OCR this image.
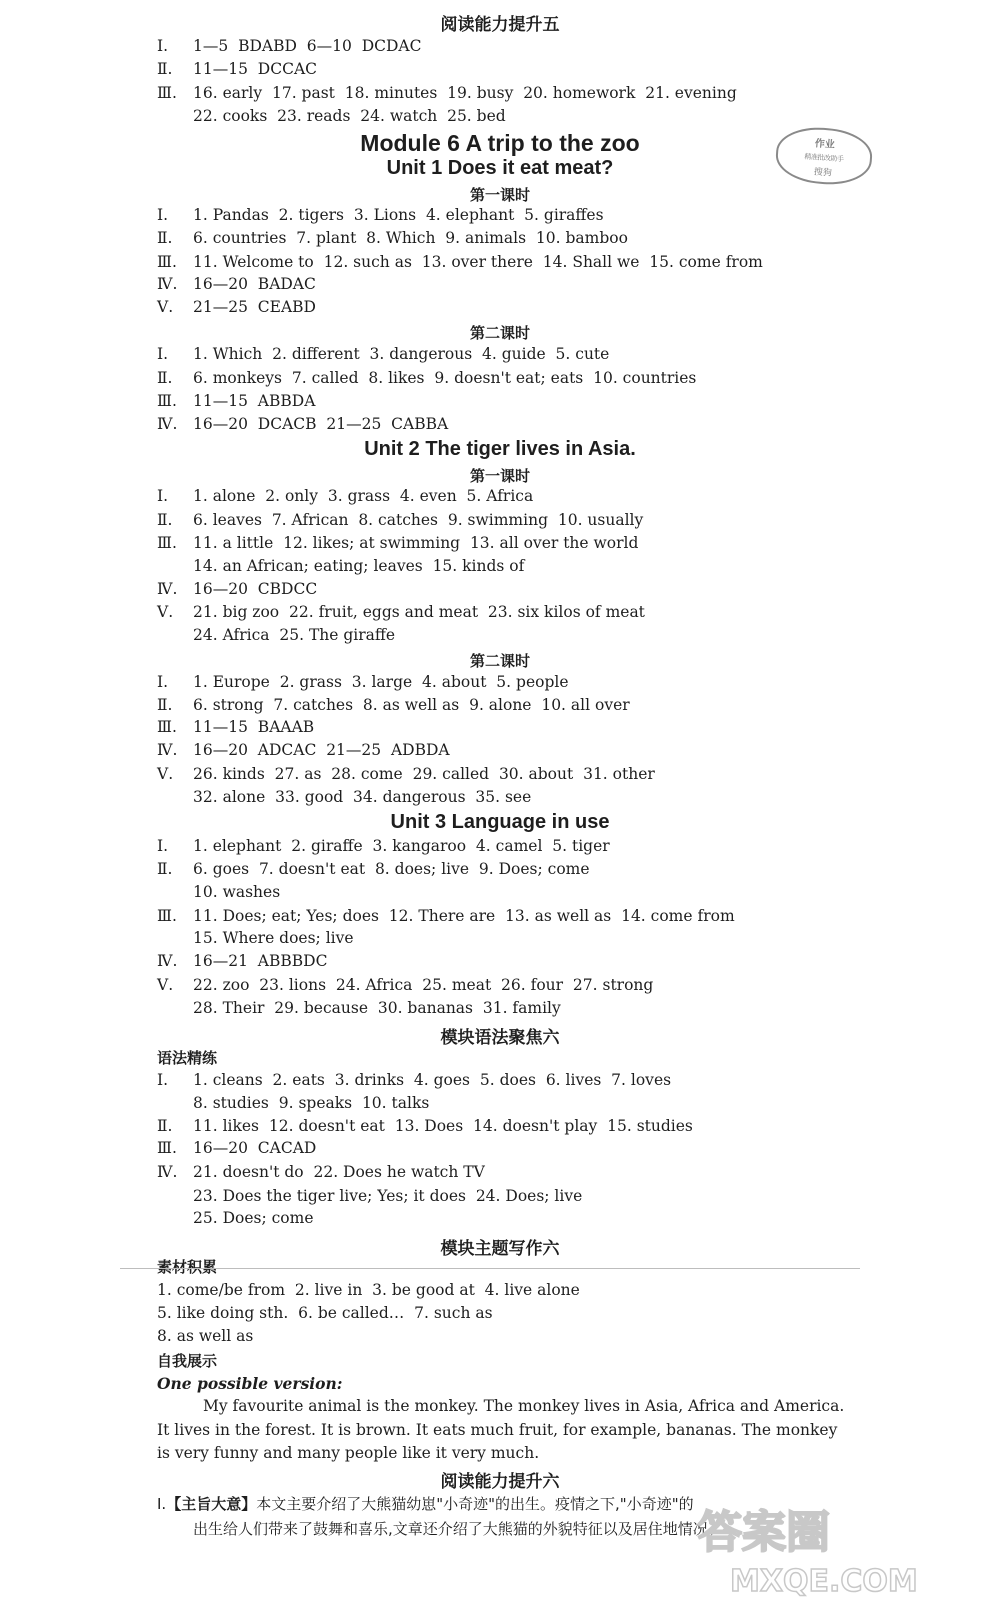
阅读能力提升五
Ⅰ. 1—5  BDABD  6—10  DCDAC
Ⅱ. 11—15  DCCAC
Ⅲ. 16. early  17. past  18. minutes  19. busy  20. homework  21. evening
22. cooks  23. reads  24. watch  25. bed
Module 6 A trip to the zoo	作业
精准批改助手
搜狗
Unit 1 Does it eat meat?
第一课时
Ⅰ. 1. Pandas  2. tigers  3. Lions  4. elephant  5. giraffes
Ⅱ. 6. countries  7. plant  8. Which  9. animals  10. bamboo
Ⅲ. 11. Welcome to  12. such as  13. over there  14. Shall we  15. come from
Ⅳ. 16—20  BADAC
Ⅴ. 21—25  CEABD
第二课时
Ⅰ. 1. Which  2. different  3. dangerous  4. guide  5. cute
Ⅱ. 6. monkeys  7. called  8. likes  9. doesn't eat; eats  10. countries
Ⅲ. 11—15  ABBDA
Ⅳ. 16—20  DCACB  21—25  CABBA
Unit 2 The tiger lives in Asia.
第一课时
Ⅰ. 1. alone  2. only  3. grass  4. even  5. Africa
Ⅱ. 6. leaves  7. African  8. catches  9. swimming  10. usually
Ⅲ. 11. a little  12. likes; at swimming  13. all over the world
14. an African; eating; leaves  15. kinds of
Ⅳ. 16—20  CBDCC
Ⅴ. 21. big zoo  22. fruit, eggs and meat  23. six kilos of meat
24. Africa  25. The giraffe
第二课时
Ⅰ. 1. Europe  2. grass  3. large  4. about  5. people
Ⅱ. 6. strong  7. catches  8. as well as  9. alone  10. all over
Ⅲ. 11—15  BAAAB
Ⅳ. 16—20  ADCAC  21—25  ADBDA
Ⅴ. 26. kinds  27. as  28. come  29. called  30. about  31. other
32. alone  33. good  34. dangerous  35. see
Unit 3 Language in use
Ⅰ. 1. elephant  2. giraffe  3. kangaroo  4. camel  5. tiger
Ⅱ. 6. goes  7. doesn't eat  8. does; live  9. Does; come
10. washes
Ⅲ. 11. Does; eat; Yes; does  12. There are  13. as well as  14. come from
15. Where does; live
Ⅳ. 16—21  ABBBDC
Ⅴ. 22. zoo  23. lions  24. Africa  25. meat  26. four  27. strong
28. Their  29. because  30. bananas  31. family
模块语法聚焦六
语法精练
Ⅰ. 1. cleans  2. eats  3. drinks  4. goes  5. does  6. lives  7. loves
8. studies  9. speaks  10. talks
Ⅱ. 11. likes  12. doesn't eat  13. Does  14. doesn't play  15. studies
Ⅲ. 16—20  CACAD
Ⅳ. 21. doesn't do  22. Does he watch TV
23. Does the tiger live; Yes; it does  24. Does; live
25. Does; come
模块主题写作六
素材积累
1. come/be from  2. live in  3. be good at  4. live alone
5. like doing sth.  6. be called…  7. such as
8. as well as
自我展示
One possible version:
My favourite animal is the monkey. The monkey lives in Asia, Africa and America.
It lives in the forest. It is brown. It eats much fruit, for example, bananas. The monkey
is very funny and many people like it very much.
阅读能力提升六
Ⅰ.【主旨大意】本文主要介绍了大熊猫幼崽"小奇迹"的出生。疫情之下,"小奇迹"的
出生给人们带来了鼓舞和喜乐,文章还介绍了大熊猫的外貌特征以及居住地情况。
答案圈
MXQE.COM
